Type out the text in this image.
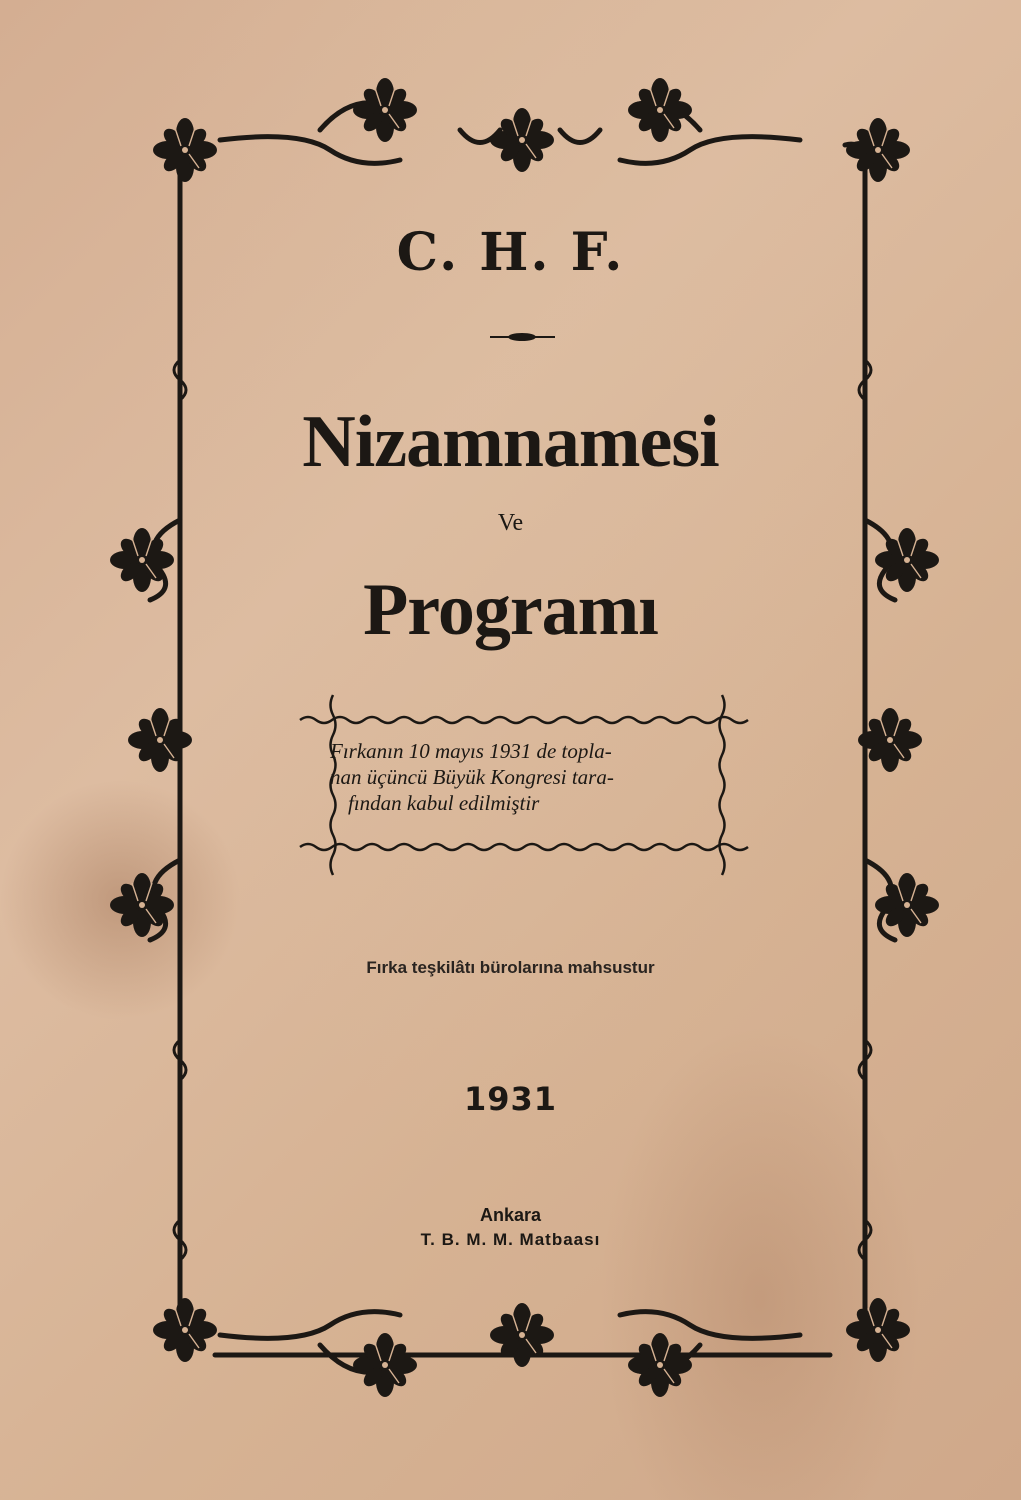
C. H. F.
Nizamnamesi
Ve
Programı
Fırkanın 10 mayıs 1931 de topla-
nan üçüncü Büyük Kongresi tara-
fından kabul edilmiştir
Fırka teşkilâtı bürolarına mahsustur
1931
Ankara
T. B. M. M. Matbaası
